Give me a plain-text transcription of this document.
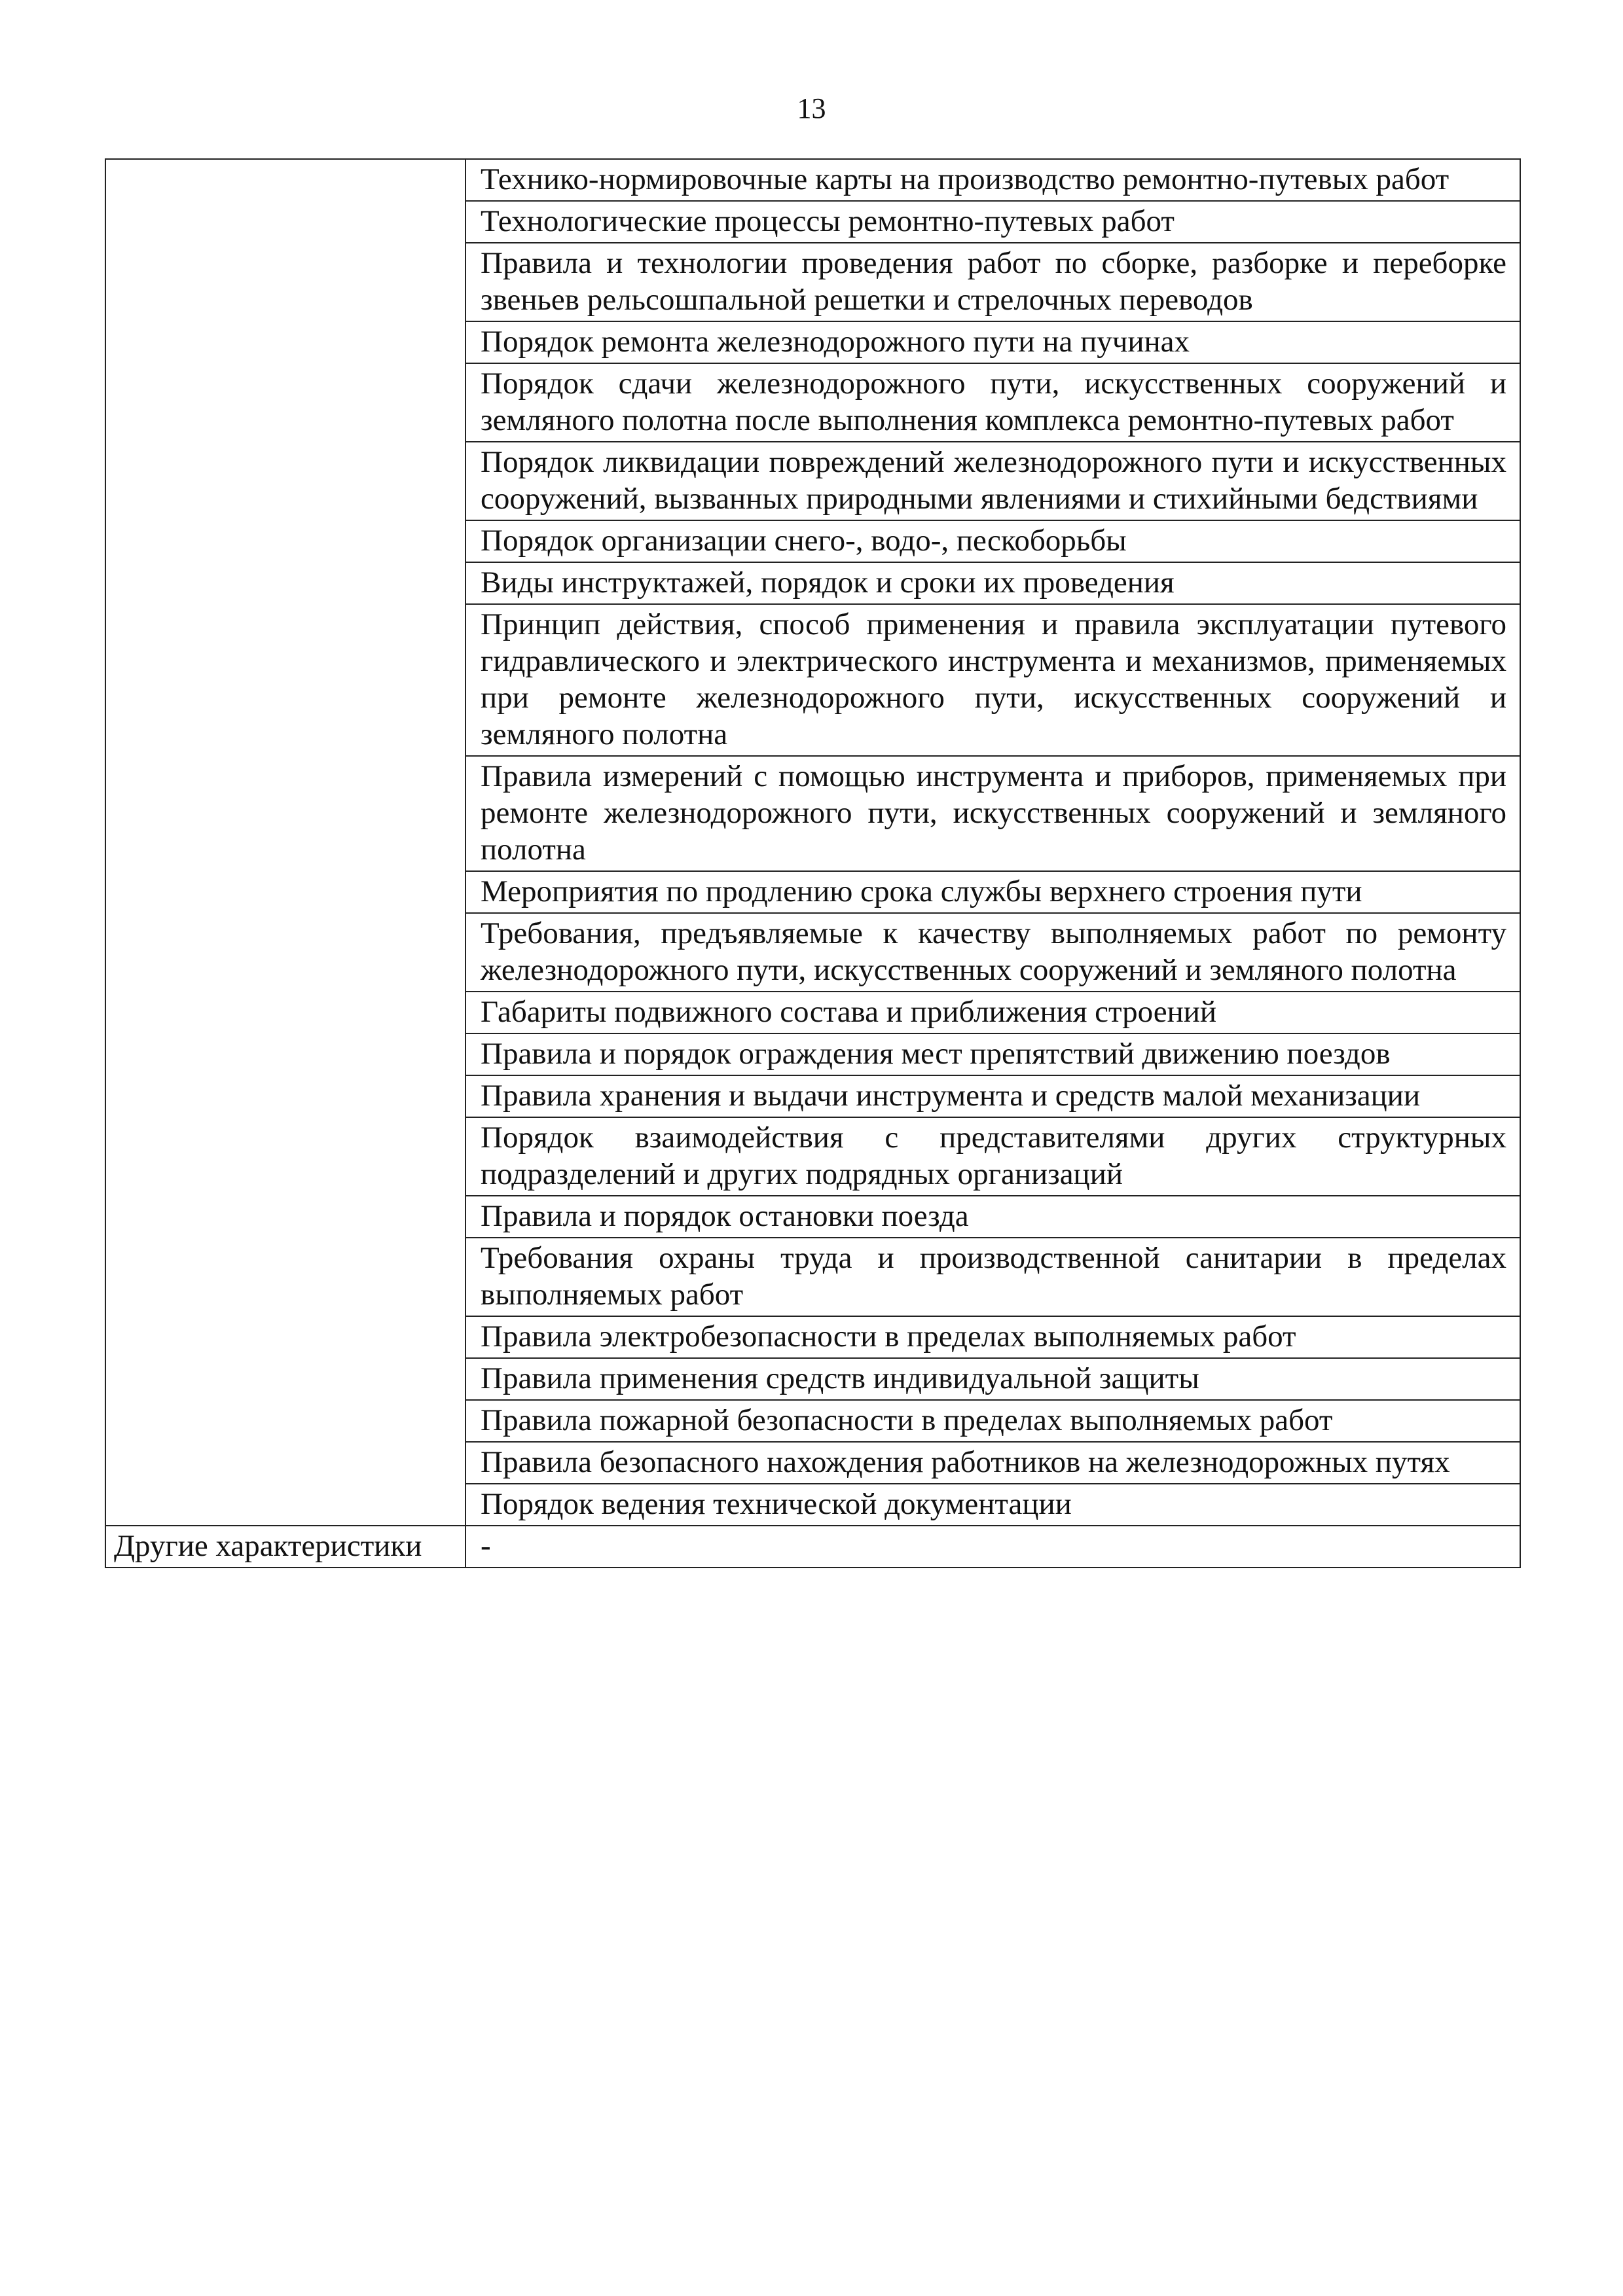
13
	Технико-нормировочные карты на производство ремонтно-путевых работ
	Технологические процессы ремонтно-путевых работ
	Правила и технологии проведения работ по сборке, разборке и переборке звеньев рельсошпальной решетки и стрелочных переводов
	Порядок ремонта железнодорожного пути на пучинах
	Порядок сдачи железнодорожного пути, искусственных сооружений и земляного полотна после выполнения комплекса ремонтно-путевых работ
	Порядок ликвидации повреждений железнодорожного пути и искусственных сооружений, вызванных природными явлениями и стихийными бедствиями
	Порядок организации снего-, водо-, пескоборьбы
	Виды инструктажей, порядок и сроки их проведения
	Принцип действия, способ применения и правила эксплуатации путевого гидравлического и электрического инструмента и механизмов, применяемых при ремонте железнодорожного пути, искусственных сооружений и земляного полотна
	Правила измерений с помощью инструмента и приборов, применяемых при ремонте железнодорожного пути, искусственных сооружений и земляного полотна
	Мероприятия по продлению срока службы верхнего строения пути
	Требования, предъявляемые к качеству выполняемых работ по ремонту железнодорожного пути, искусственных сооружений и земляного полотна
	Габариты подвижного состава и приближения строений
	Правила и порядок ограждения мест препятствий движению поездов
	Правила хранения и выдачи инструмента и средств малой механизации
	Порядок взаимодействия с представителями других структурных подразделений и других подрядных организаций
	Правила и порядок остановки поезда
	Требования охраны труда и производственной санитарии в пределах выполняемых работ
	Правила электробезопасности в пределах выполняемых работ
	Правила применения средств индивидуальной защиты
	Правила пожарной безопасности в пределах выполняемых работ
	Правила безопасного нахождения работников на железнодорожных путях
	Порядок ведения технической документации
Другие характеристики	-
